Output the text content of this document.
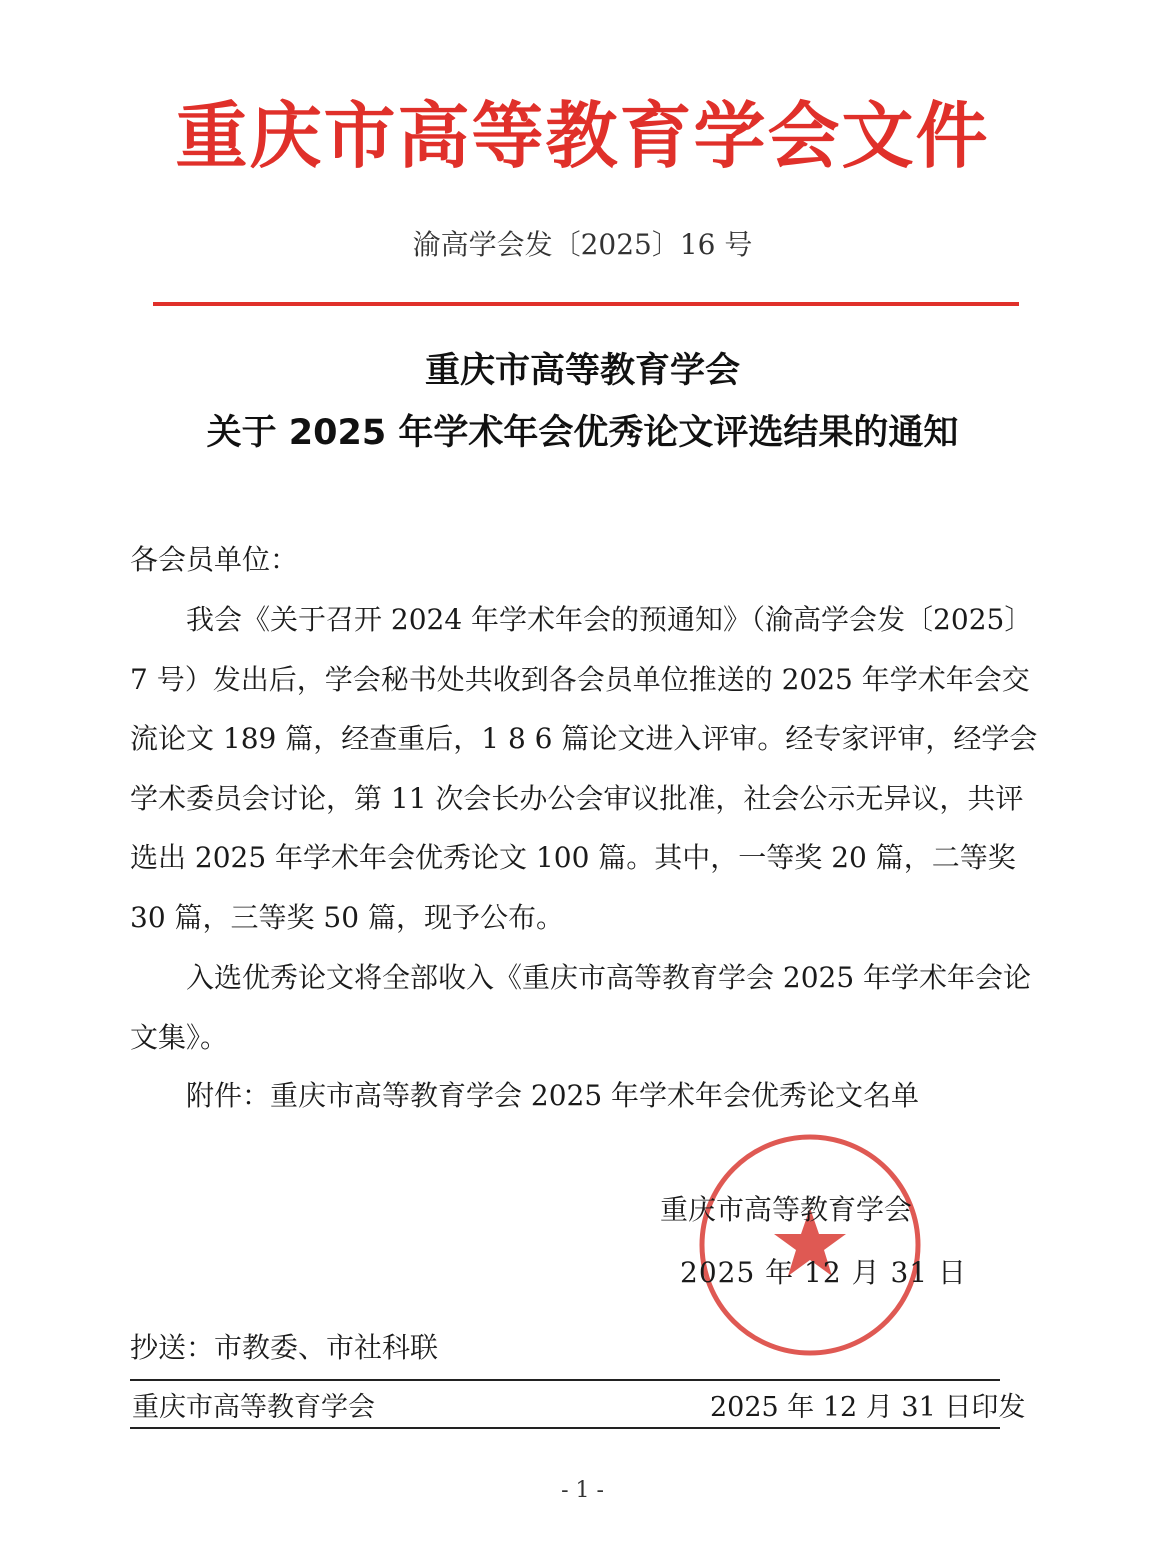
重庆市高等教育学会文件
渝高学会发〔2025〕16 号
重庆市高等教育学会
关于 2025 年学术年会优秀论文评选结果的通知
各会员单位：
我会《关于召开 2024 年学术年会的预通知》（渝高学会发〔2025〕7 号）发出后，学会秘书处共收到各会员单位推送的 2025 年学术年会交流论文 189 篇，经查重后，1 8 6 篇论文进入评审。经专家评审，经学会学术委员会讨论，第 11 次会长办公会审议批准，社会公示无异议，共评选出 2025 年学术年会优秀论文 100 篇。其中，一等奖 20 篇，二等奖 30 篇，三等奖 50 篇，现予公布。
入选优秀论文将全部收入《重庆市高等教育学会 2025 年学术年会论文集》。
附件：重庆市高等教育学会 2025 年学术年会优秀论文名单
重庆市高等教育学会
2025 年 12 月 31 日
抄送：市教委、市社科联
重庆市高等教育学会	2025 年 12 月 31 日印发
- 1 -
